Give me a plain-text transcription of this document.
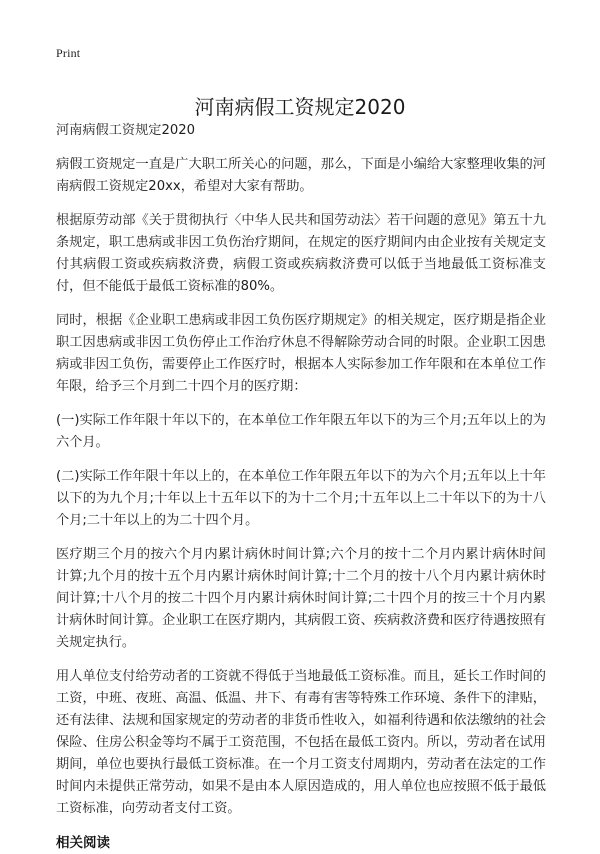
Print
河南病假工资规定2020

河南病假工资规定2020

病假工资规定一直是广大职工所关心的问题，那么，下面是小编给大家整理收集的河南病假工资规定20xx，希望对大家有帮助。

根据原劳动部《关于贯彻执行〈中华人民共和国劳动法〉若干问题的意见》第五十九条规定，职工患病或非因工负伤治疗期间，在规定的医疗期间内由企业按有关规定支付其病假工资或疾病救济费，病假工资或疾病救济费可以低于当地最低工资标准支付，但不能低于最低工资标准的80%。

同时，根据《企业职工患病或非因工负伤医疗期规定》的相关规定，医疗期是指企业职工因患病或非因工负伤停止工作治疗休息不得解除劳动合同的时限。企业职工因患病或非因工负伤，需要停止工作医疗时，根据本人实际参加工作年限和在本单位工作年限，给予三个月到二十四个月的医疗期：

(一)实际工作年限十年以下的，在本单位工作年限五年以下的为三个月;五年以上的为六个月。

(二)实际工作年限十年以上的，在本单位工作年限五年以下的为六个月;五年以上十年以下的为九个月;十年以上十五年以下的为十二个月;十五年以上二十年以下的为十八个月;二十年以上的为二十四个月。

医疗期三个月的按六个月内累计病休时间计算;六个月的按十二个月内累计病休时间计算;九个月的按十五个月内累计病休时间计算;十二个月的按十八个月内累计病休时间计算;十八个月的按二十四个月内累计病休时间计算;二十四个月的按三十个月内累计病休时间计算。企业职工在医疗期内，其病假工资、疾病救济费和医疗待遇按照有关规定执行。

用人单位支付给劳动者的工资就不得低于当地最低工资标准。而且，延长工作时间的工资，中班、夜班、高温、低温、井下、有毒有害等特殊工作环境、条件下的津贴，还有法律、法规和国家规定的劳动者的非货币性收入，如福利待遇和依法缴纳的社会保险、住房公积金等均不属于工资范围，不包括在最低工资内。所以，劳动者在试用期间，单位也要执行最低工资标准。在一个月工资支付周期内，劳动者在法定的工作时间内未提供正常劳动，如果不是由本人原因造成的，用人单位也应按照不低于最低工资标准，向劳动者支付工资。

相关阅读
